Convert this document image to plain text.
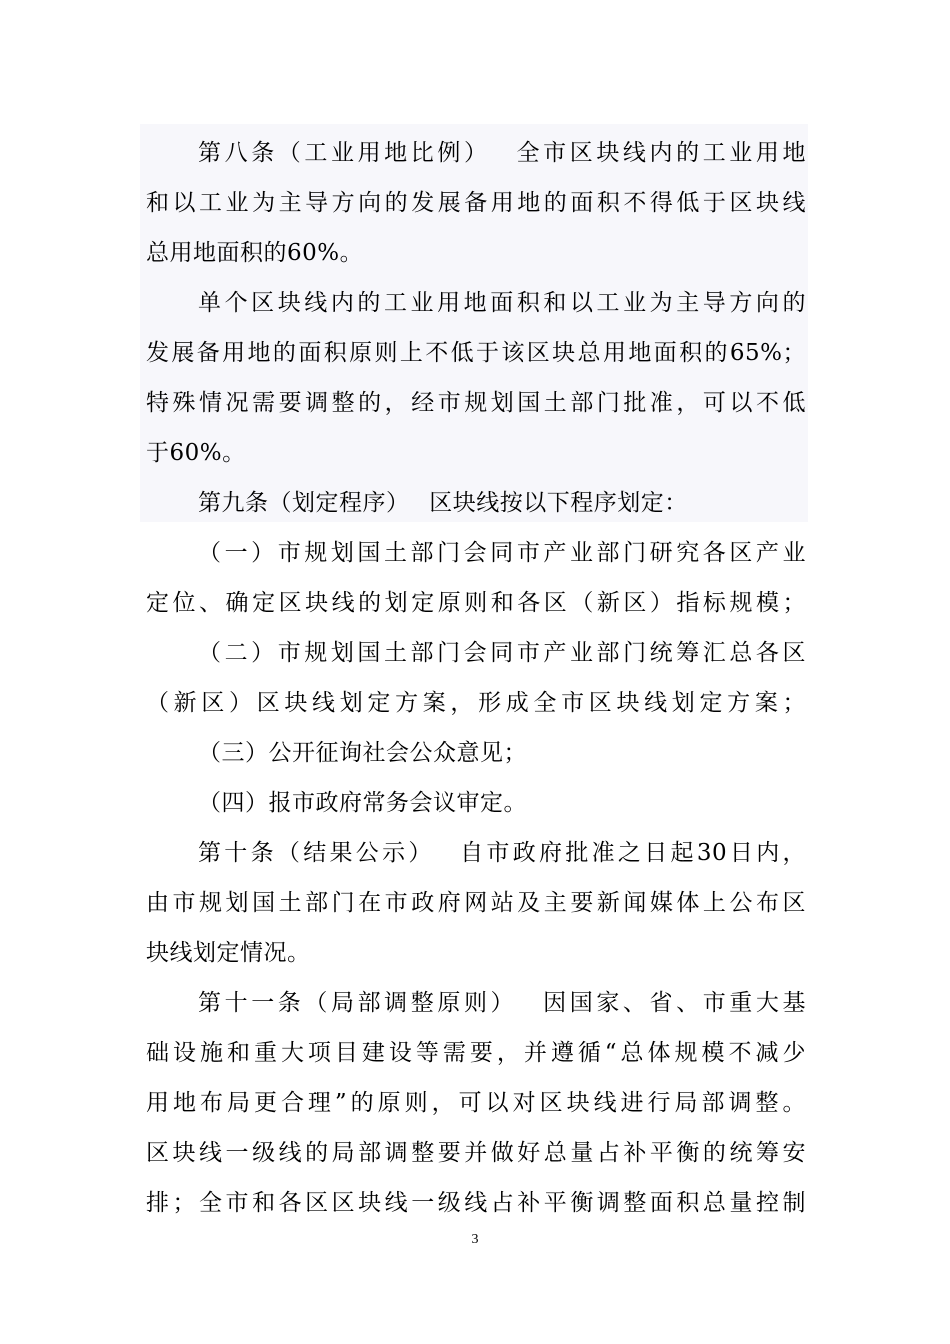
第八条（工业用地比例）　 全市区块线内的工业用地
和以工业为主导方向的发展备用地的面积不得低于区块线
总用地面积的60%。
单个区块线内的工业用地面积和以工业为主导方向的
发展备用地的面积原则上不低于该区块总用地面积的65%；
特殊情况需要调整的，经市规划国土部门批准，可以不低
于60%。
第九条（划定程序）　 区块线按以下程序划定：
（一）市规划国土部门会同市产业部门研究各区产业
定位、确定区块线的划定原则和各区（新区）指标规模；
（二）市规划国土部门会同市产业部门统筹汇总各区
（新区）区块线划定方案，形成全市区块线划定方案；
（三）公开征询社会公众意见；
（四）报市政府常务会议审定。
第十条（结果公示）　 自市政府批准之日起30日内，
由市规划国土部门在市政府网站及主要新闻媒体上公布区
块线划定情况。
第十一条（局部调整原则）　 因国家、省、市重大基
础设施和重大项目建设等需要，并遵循“总体规模不减少
用地布局更合理”的原则，可以对区块线进行局部调整。
区块线一级线的局部调整要并做好总量占补平衡的统筹安
排；全市和各区区块线一级线占补平衡调整面积总量控制
3
